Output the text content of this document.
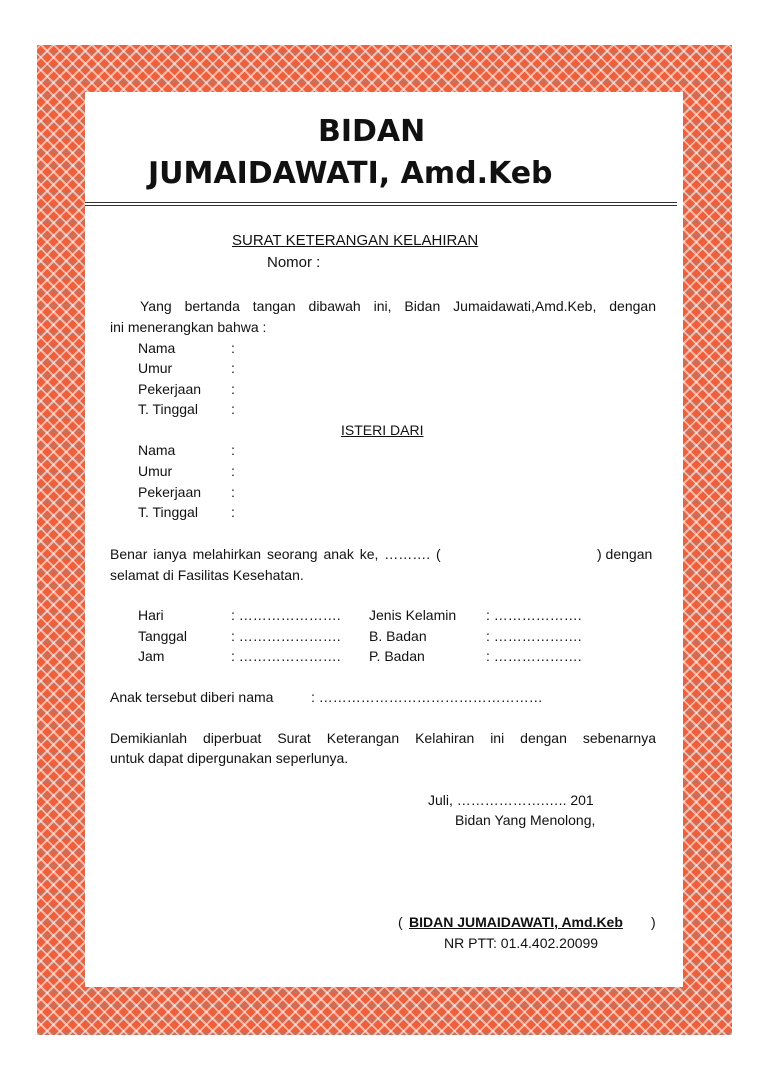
BIDAN
JUMAIDAWATI, Amd.Keb
SURAT KETERANGAN KELAHIRAN
Nomor :
Yang bertanda tangan dibawah ini, Bidan Jumaidawati,Amd.Keb, dengan
ini menerangkan bahwa :
Nama	:
Umur	:
Pekerjaan :
T. Tinggal :
ISTERI DARI
Nama	:
Umur	:
Pekerjaan :
T. Tinggal :
Benar ianya melahirkan seorang anak ke, ………. (	) dengan
selamat di Fasilitas Kesehatan.
Hari	: …………………. Jenis Kelamin : ……………….
Tanggal	: …………………. B. Badan	: ……………….
Jam	: …………………. P. Badan	: ……………….
Anak tersebut diberi nama	: …………………………………………
Demikianlah diperbuat Surat Keterangan Kelahiran ini dengan sebenarnya
untuk dapat dipergunakan seperlunya.
Juli, ……………….….. 201
Bidan Yang Menolong,
( BIDAN JUMAIDAWATI, Amd.Keb )
NR PTT: 01.4.402.20099
